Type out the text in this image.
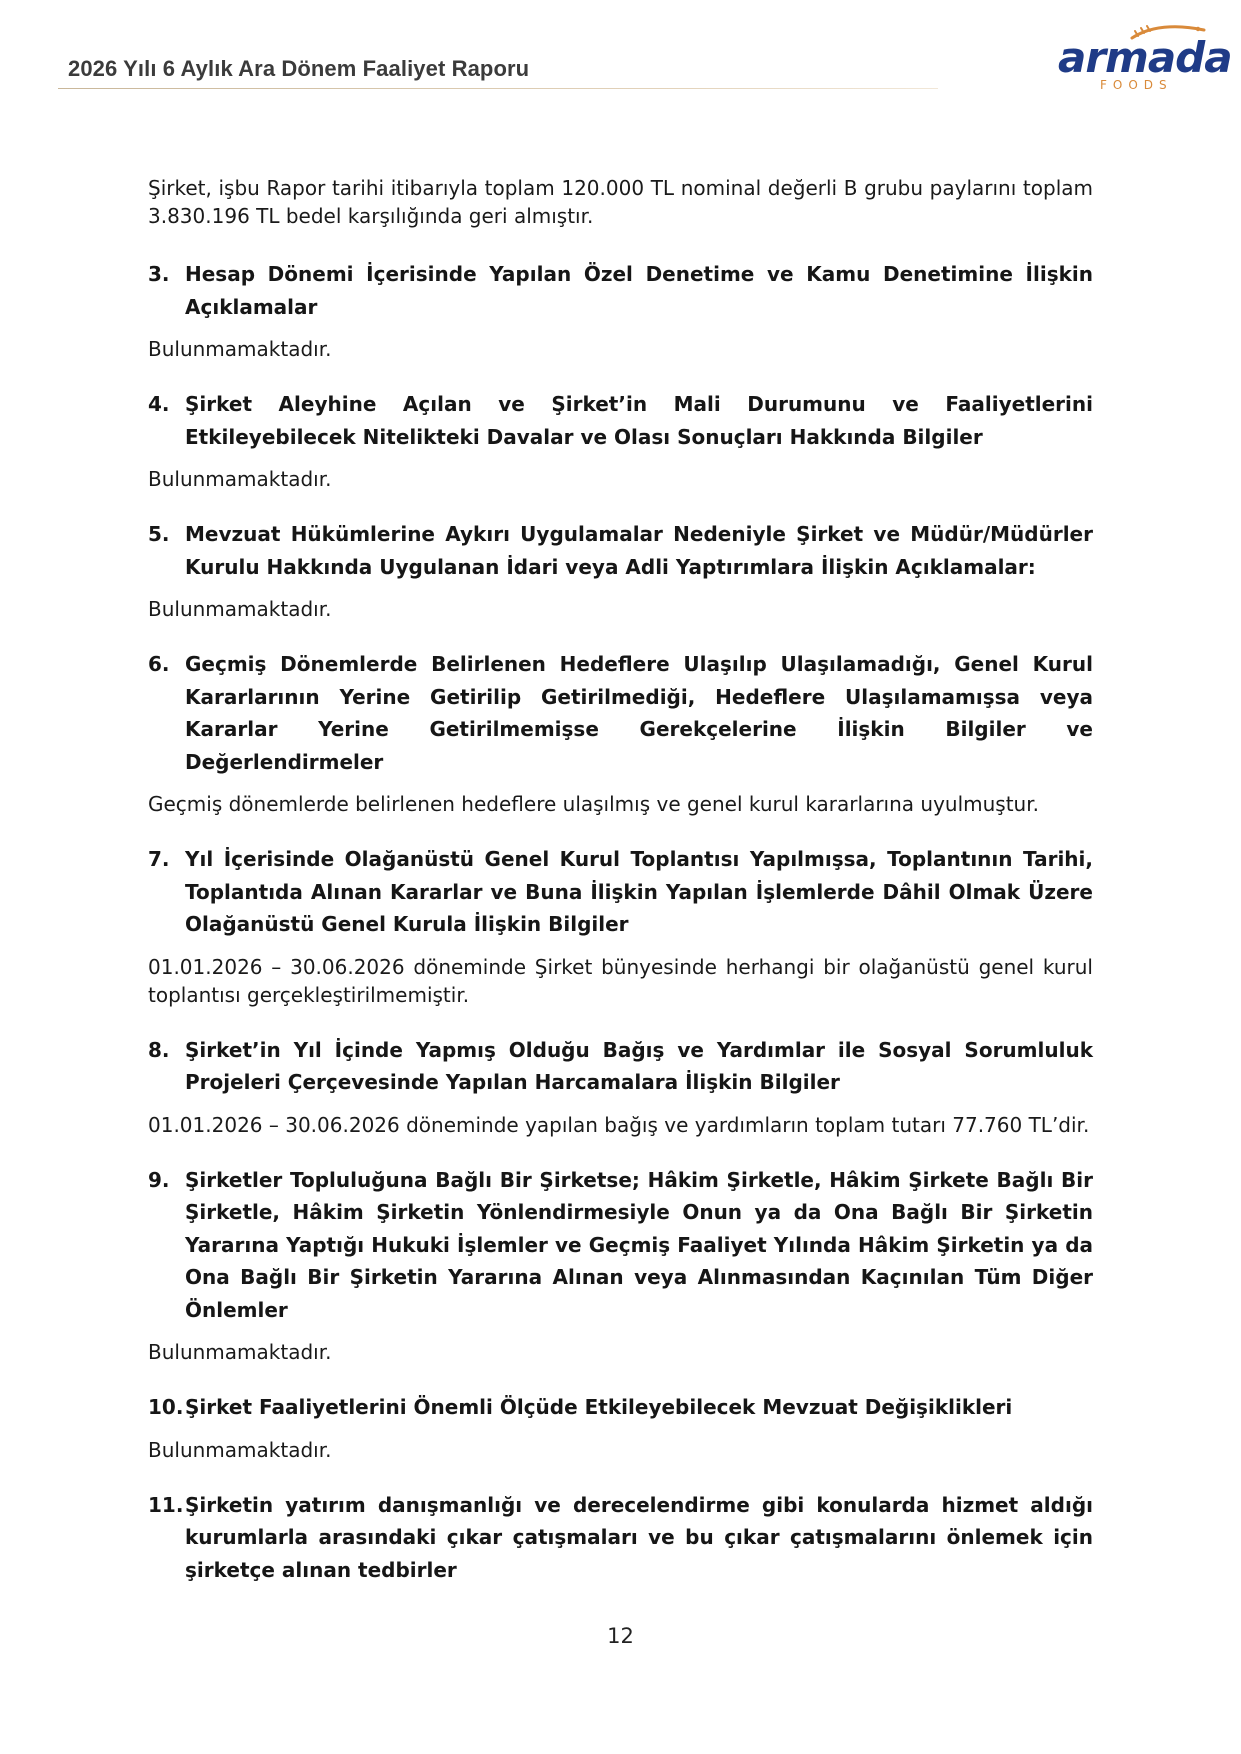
2026 Yılı 6 Aylık Ara Dönem Faaliyet Raporu	armada
FOODS

Şirket, işbu Rapor tarihi itibarıyla toplam 120.000 TL nominal değerli B grubu paylarını toplam 3.830.196 TL bedel karşılığında geri almıştır.

3. Hesap Dönemi İçerisinde Yapılan Özel Denetime ve Kamu Denetimine İlişkin Açıklamalar

Bulunmamaktadır.

4. Şirket Aleyhine Açılan ve Şirket’in Mali Durumunu ve Faaliyetlerini Etkileyebilecek Nitelikteki Davalar ve Olası Sonuçları Hakkında Bilgiler

Bulunmamaktadır.

5. Mevzuat Hükümlerine Aykırı Uygulamalar Nedeniyle Şirket ve Müdür/Müdürler Kurulu Hakkında Uygulanan İdari veya Adli Yaptırımlara İlişkin Açıklamalar:

Bulunmamaktadır.

6. Geçmiş Dönemlerde Belirlenen Hedeflere Ulaşılıp Ulaşılamadığı, Genel Kurul Kararlarının Yerine Getirilip Getirilmediği, Hedeflere Ulaşılamamışsa veya Kararlar Yerine Getirilmemişse Gerekçelerine İlişkin Bilgiler ve Değerlendirmeler

Geçmiş dönemlerde belirlenen hedeflere ulaşılmış ve genel kurul kararlarına uyulmuştur.

7. Yıl İçerisinde Olağanüstü Genel Kurul Toplantısı Yapılmışsa, Toplantının Tarihi, Toplantıda Alınan Kararlar ve Buna İlişkin Yapılan İşlemlerde Dâhil Olmak Üzere Olağanüstü Genel Kurula İlişkin Bilgiler

01.01.2026 – 30.06.2026 döneminde Şirket bünyesinde herhangi bir olağanüstü genel kurul toplantısı gerçekleştirilmemiştir.

8. Şirket’in Yıl İçinde Yapmış Olduğu Bağış ve Yardımlar ile Sosyal Sorumluluk Projeleri Çerçevesinde Yapılan Harcamalara İlişkin Bilgiler

01.01.2026 – 30.06.2026 döneminde yapılan bağış ve yardımların toplam tutarı 77.760 TL’dir.

9. Şirketler Topluluğuna Bağlı Bir Şirketse; Hâkim Şirketle, Hâkim Şirkete Bağlı Bir Şirketle, Hâkim Şirketin Yönlendirmesiyle Onun ya da Ona Bağlı Bir Şirketin Yararına Yaptığı Hukuki İşlemler ve Geçmiş Faaliyet Yılında Hâkim Şirketin ya da Ona Bağlı Bir Şirketin Yararına Alınan veya Alınmasından Kaçınılan Tüm Diğer Önlemler

Bulunmamaktadır.

10. Şirket Faaliyetlerini Önemli Ölçüde Etkileyebilecek Mevzuat Değişiklikleri

Bulunmamaktadır.

11. Şirketin yatırım danışmanlığı ve derecelendirme gibi konularda hizmet aldığı kurumlarla arasındaki çıkar çatışmaları ve bu çıkar çatışmalarını önlemek için şirketçe alınan tedbirler
12
